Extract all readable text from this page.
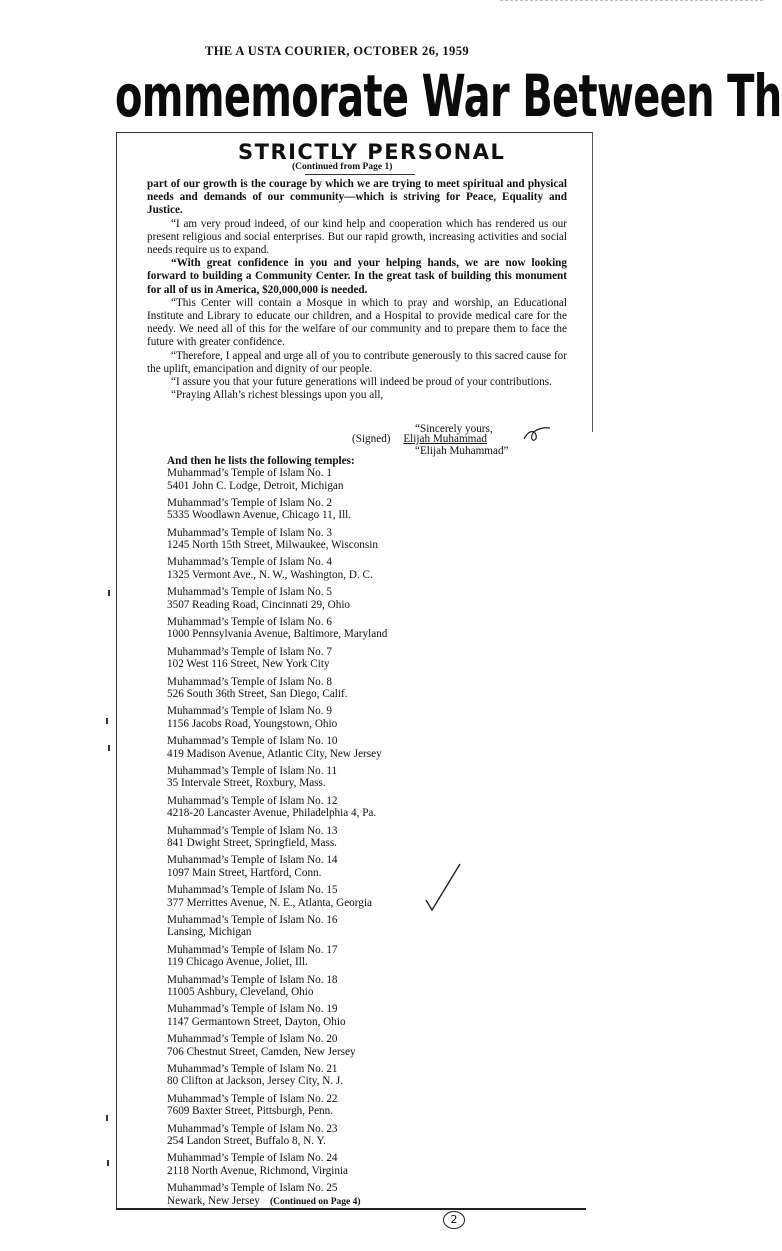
THE A USTA COURIER, OCTOBER 26, 1959
ommemorate War Between Th
STRICTLY PERSONAL
(Continued from Page 1)

part of our growth is the courage by which we are trying to meet spiritual and physical needs and demands of our community—which is striving for Peace, Equality and Justice.

“I am very proud indeed, of our kind help and cooperation which has rendered us our present religious and social enterprises. But our rapid growth, increasing activities and social needs require us to expand.

“With great confidence in you and your helping hands, we are now looking forward to building a Community Center. In the great task of building this monument for all of us in America, $20,000,000 is needed.

“This Center will contain a Mosque in which to pray and worship, an Educational Institute and Library to educate our children, and a Hospital to provide medical care for the needy. We need all of this for the welfare of our community and to prepare them to face the future with greater confidence.

“Therefore, I appeal and urge all of you to contribute generously to this sacred cause for the uplift, emancipation and dignity of our people.

“I assure you that your future generations will indeed be proud of your contributions.

“Praying Allah’s richest blessings upon you all,

“Sincerely yours,
(Signed) Elijah Muhammad
“Elijah Muhammad”
And then he lists the following temples:
Muhammad’s Temple of Islam No. 1
5401 John C. Lodge, Detroit, Michigan
Muhammad’s Temple of Islam No. 2
5335 Woodlawn Avenue, Chicago 11, Ill.
Muhammad’s Temple of Islam No. 3
1245 North 15th Street, Milwaukee, Wisconsin
Muhammad’s Temple of Islam No. 4
1325 Vermont Ave., N. W., Washington, D. C.
Muhammad’s Temple of Islam No. 5
3507 Reading Road, Cincinnati 29, Ohio
Muhammad’s Temple of Islam No. 6
1000 Pennsylvania Avenue, Baltimore, Maryland
Muhammad’s Temple of Islam No. 7
102 West 116 Street, New York City
Muhammad’s Temple of Islam No. 8
526 South 36th Street, San Diego, Calif.
Muhammad’s Temple of Islam No. 9
1156 Jacobs Road, Youngstown, Ohio
Muhammad’s Temple of Islam No. 10
419 Madison Avenue, Atlantic City, New Jersey
Muhammad’s Temple of Islam No. 11
35 Intervale Street, Roxbury, Mass.
Muhammad’s Temple of Islam No. 12
4218-20 Lancaster Avenue, Philadelphia 4, Pa.
Muhammad’s Temple of Islam No. 13
841 Dwight Street, Springfield, Mass.
Muhammad’s Temple of Islam No. 14
1097 Main Street, Hartford, Conn.
Muhammad’s Temple of Islam No. 15
377 Merrittes Avenue, N. E., Atlanta, Georgia
Muhammad’s Temple of Islam No. 16
Lansing, Michigan
Muhammad’s Temple of Islam No. 17
119 Chicago Avenue, Joliet, Ill.
Muhammad’s Temple of Islam No. 18
11005 Ashbury, Cleveland, Ohio
Muhammad’s Temple of Islam No. 19
1147 Germantown Street, Dayton, Ohio
Muhammad’s Temple of Islam No. 20
706 Chestnut Street, Camden, New Jersey
Muhammad’s Temple of Islam No. 21
80 Clifton at Jackson, Jersey City, N. J.
Muhammad’s Temple of Islam No. 22
7609 Baxter Street, Pittsburgh, Penn.
Muhammad’s Temple of Islam No. 23
254 Landon Street, Buffalo 8, N. Y.
Muhammad’s Temple of Islam No. 24
2118 North Avenue, Richmond, Virginia
Muhammad’s Temple of Islam No. 25
Newark, New Jersey	(Continued on Page 4)
2
